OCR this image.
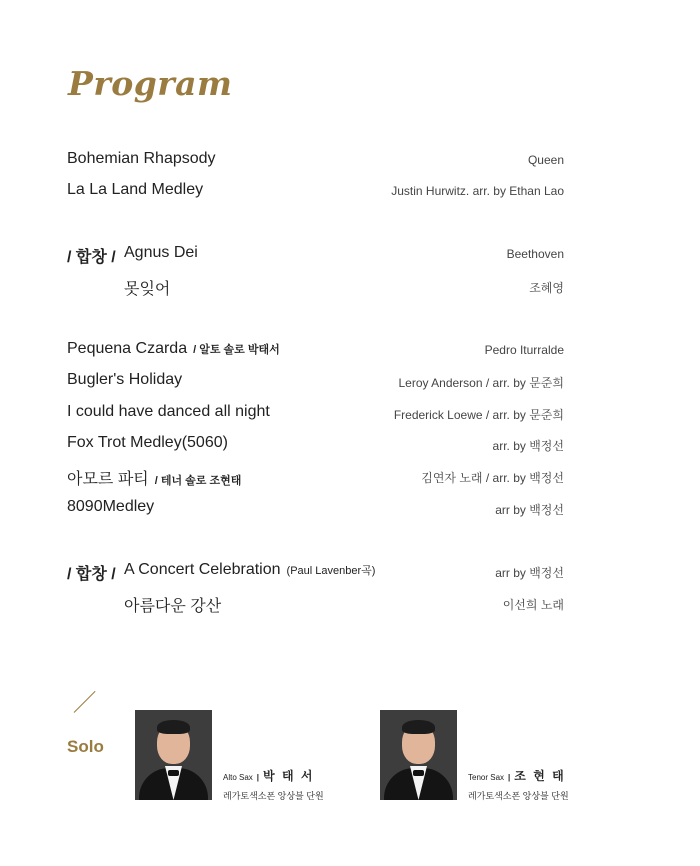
Program
Bohemian Rhapsody	Queen
La La Land Medley	Justin Hurwitz. arr. by Ethan Lao
/ 합창 / Agnus Dei	Beethoven
못잊어	조혜영
Pequena Czarda / 알토 솔로 박태서	Pedro Iturralde
Bugler's Holiday	Leroy Anderson / arr. by 문준희
I could have danced all night	Frederick Loewe / arr. by 문준희
Fox Trot Medley(5060)	arr. by 백정선
아모르 파티 / 테너 솔로 조현태	김연자 노래 / arr. by 백정선
8090Medley	arr by 백정선
/ 합창 / A Concert Celebration (Paul Lavenber곡)	arr by 백정선
아름다운 강산	이선희 노래
Solo
Alto Sax | 박 태 서
레가토색소폰 앙상블 단원
Tenor Sax | 조 현 태
레가토색소폰 앙상블 단원
